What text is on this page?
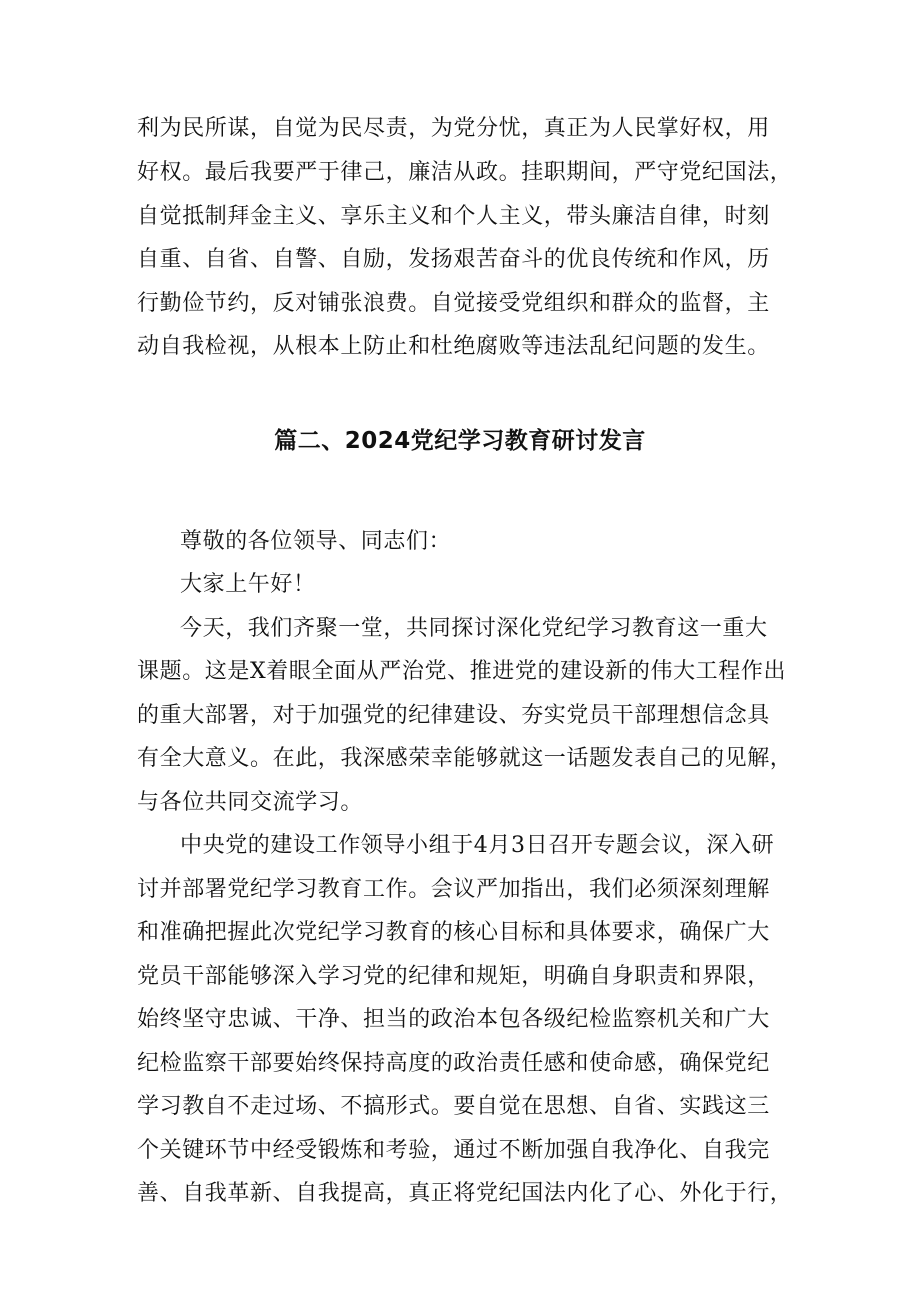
利为民所谋，自觉为民尽责，为党分忧，真正为人民掌好权，用
好权。最后我要严于律己，廉洁从政。挂职期间，严守党纪国法，
自觉抵制拜金主义、享乐主义和个人主义，带头廉洁自律，时刻
自重、自省、自警、自励，发扬艰苦奋斗的优良传统和作风，历
行勤俭节约，反对铺张浪费。自觉接受党组织和群众的监督，主
动自我检视，从根本上防止和杜绝腐败等违法乱纪问题的发生。
篇二、2024党纪学习教育研讨发言
尊敬的各位领导、同志们：
大家上午好！
今天，我们齐聚一堂，共同探讨深化党纪学习教育这一重大
课题。这是X着眼全面从严治党、推进党的建设新的伟大工程作出
的重大部署，对于加强党的纪律建设、夯实党员干部理想信念具
有全大意义。在此，我深感荣幸能够就这一话题发表自己的见解，
与各位共同交流学习。
中央党的建设工作领导小组于4月3日召开专题会议，深入研
讨并部署党纪学习教育工作。会议严加指出，我们必须深刻理解
和准确把握此次党纪学习教育的核心目标和具体要求，确保广大
党员干部能够深入学习党的纪律和规矩，明确自身职责和界限，
始终坚守忠诚、干净、担当的政治本包各级纪检监察机关和广大
纪检监察干部要始终保持高度的政治责任感和使命感，确保党纪
学习教自不走过场、不搞形式。要自觉在思想、自省、实践这三
个关键环节中经受锻炼和考验，通过不断加强自我净化、自我完
善、自我革新、自我提高，真正将党纪国法内化了心、外化于行，
